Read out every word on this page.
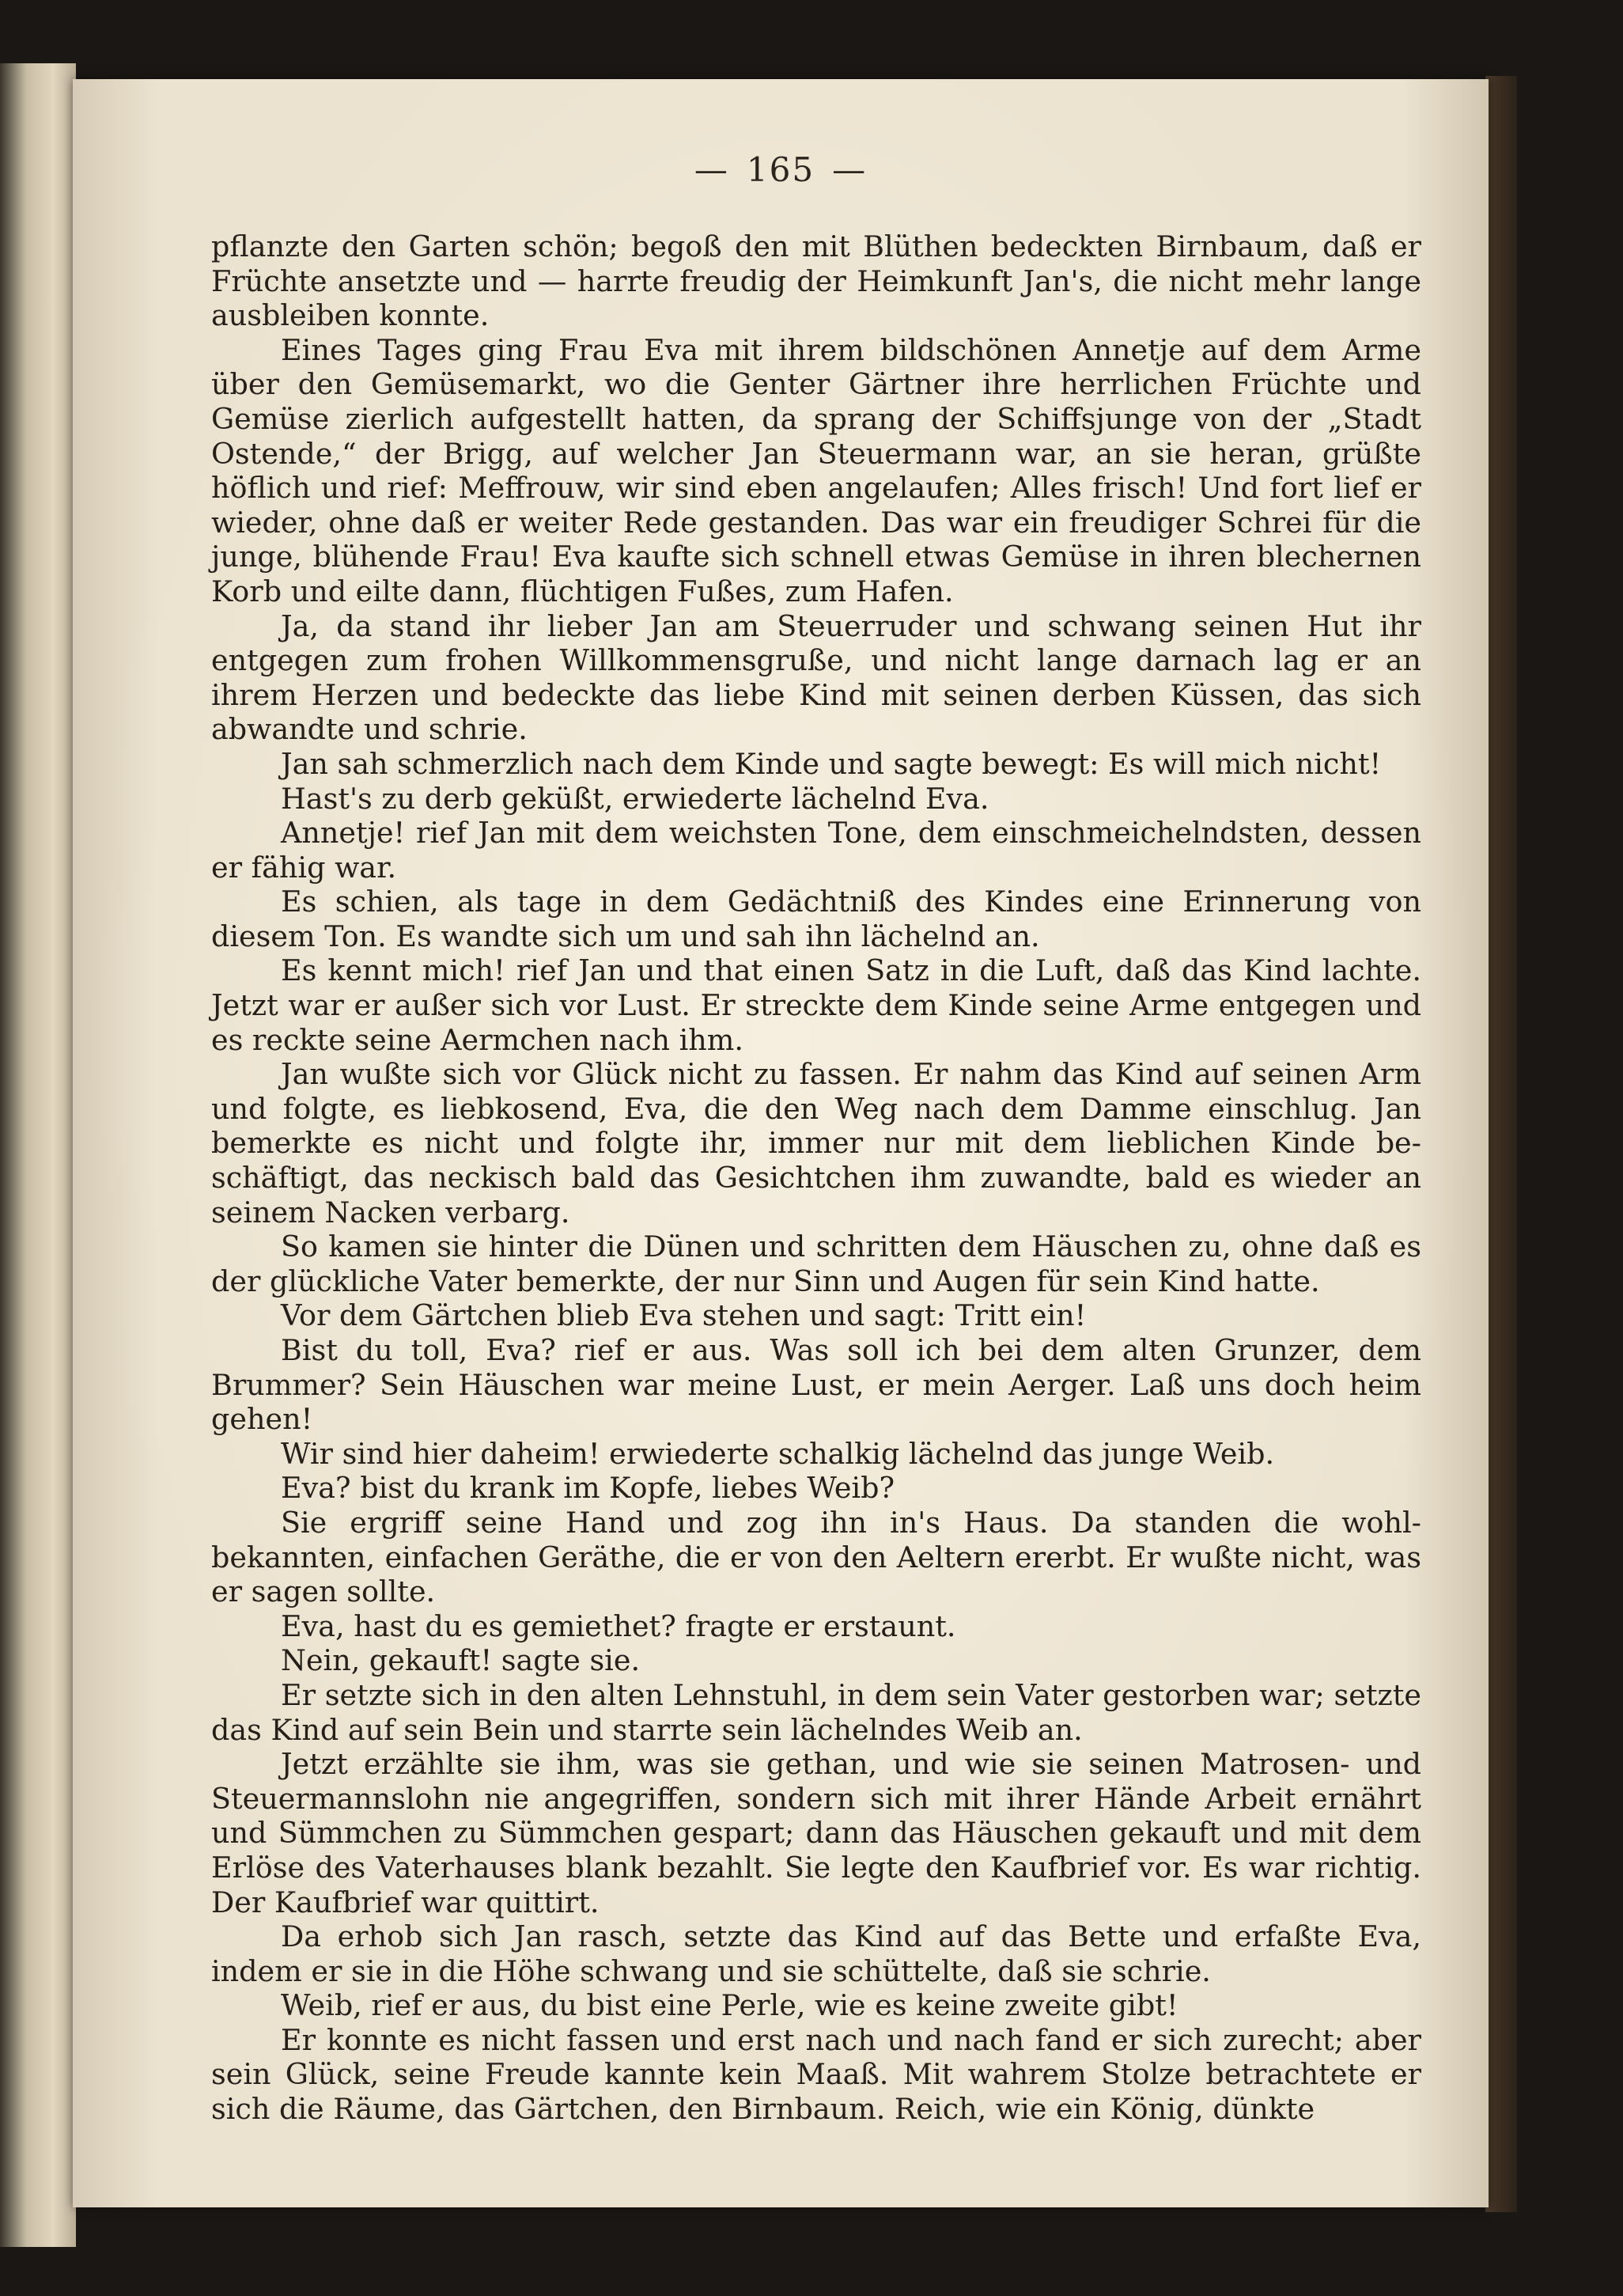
— 165 —

pflanzte den Garten schön; begoß den mit Blüthen bedeckten Birnbaum, daß er Früchte ansetzte und — harrte freudig der Heimkunft Jan's, die nicht mehr lange ausbleiben konnte.

Eines Tages ging Frau Eva mit ihrem bildschönen Annetje auf dem Arme über den Gemüsemarkt, wo die Genter Gärtner ihre herrlichen Früchte und Gemüse zierlich aufgestellt hatten, da sprang der Schiffsjunge von der „Stadt Ostende,“ der Brigg, auf welcher Jan Steuermann war, an sie heran, grüßte höflich und rief: Meffrouw, wir sind eben angelaufen; Alles frisch! Und fort lief er wieder, ohne daß er weiter Rede gestanden. Das war ein freudiger Schrei für die junge, blühende Frau! Eva kaufte sich schnell etwas Gemüse in ihren blechernen Korb und eilte dann, flüchtigen Fußes, zum Hafen.

Ja, da stand ihr lieber Jan am Steuerruder und schwang seinen Hut ihr entgegen zum frohen Willkommensgruße, und nicht lange darnach lag er an ihrem Herzen und bedeckte das liebe Kind mit seinen derben Küssen, das sich abwandte und schrie.

Jan sah schmerzlich nach dem Kinde und sagte bewegt: Es will mich nicht!

Hast's zu derb geküßt, erwiederte lächelnd Eva.

Annetje! rief Jan mit dem weichsten Tone, dem einschmeichelndsten, dessen er fähig war.

Es schien, als tage in dem Gedächtniß des Kindes eine Erinnerung von diesem Ton. Es wandte sich um und sah ihn lächelnd an.

Es kennt mich! rief Jan und that einen Satz in die Luft, daß das Kind lachte. Jetzt war er außer sich vor Lust. Er streckte dem Kinde seine Arme entgegen und es reckte seine Aermchen nach ihm.

Jan wußte sich vor Glück nicht zu fassen. Er nahm das Kind auf seinen Arm und folgte, es liebkosend, Eva, die den Weg nach dem Damme einschlug. Jan bemerkte es nicht und folgte ihr, immer nur mit dem lieblichen Kinde be- schäftigt, das neckisch bald das Gesichtchen ihm zuwandte, bald es wieder an seinem Nacken verbarg.

So kamen sie hinter die Dünen und schritten dem Häuschen zu, ohne daß es der glückliche Vater bemerkte, der nur Sinn und Augen für sein Kind hatte.

Vor dem Gärtchen blieb Eva stehen und sagt: Tritt ein!

Bist du toll, Eva? rief er aus. Was soll ich bei dem alten Grunzer, dem Brummer? Sein Häuschen war meine Lust, er mein Aerger. Laß uns doch heim gehen!

Wir sind hier daheim! erwiederte schalkig lächelnd das junge Weib.

Eva? bist du krank im Kopfe, liebes Weib?

Sie ergriff seine Hand und zog ihn in's Haus. Da standen die wohl- bekannten, einfachen Geräthe, die er von den Aeltern ererbt. Er wußte nicht, was er sagen sollte.

Eva, hast du es gemiethet? fragte er erstaunt.

Nein, gekauft! sagte sie.

Er setzte sich in den alten Lehnstuhl, in dem sein Vater gestorben war; setzte das Kind auf sein Bein und starrte sein lächelndes Weib an.

Jetzt erzählte sie ihm, was sie gethan, und wie sie seinen Matrosen- und Steuermannslohn nie angegriffen, sondern sich mit ihrer Hände Arbeit ernährt und Sümmchen zu Sümmchen gespart; dann das Häuschen gekauft und mit dem Erlöse des Vaterhauses blank bezahlt. Sie legte den Kaufbrief vor. Es war richtig. Der Kaufbrief war quittirt.

Da erhob sich Jan rasch, setzte das Kind auf das Bette und erfaßte Eva, indem er sie in die Höhe schwang und sie schüttelte, daß sie schrie.

Weib, rief er aus, du bist eine Perle, wie es keine zweite gibt!

Er konnte es nicht fassen und erst nach und nach fand er sich zurecht; aber sein Glück, seine Freude kannte kein Maaß. Mit wahrem Stolze betrachtete er sich die Räume, das Gärtchen, den Birnbaum. Reich, wie ein König, dünkte
